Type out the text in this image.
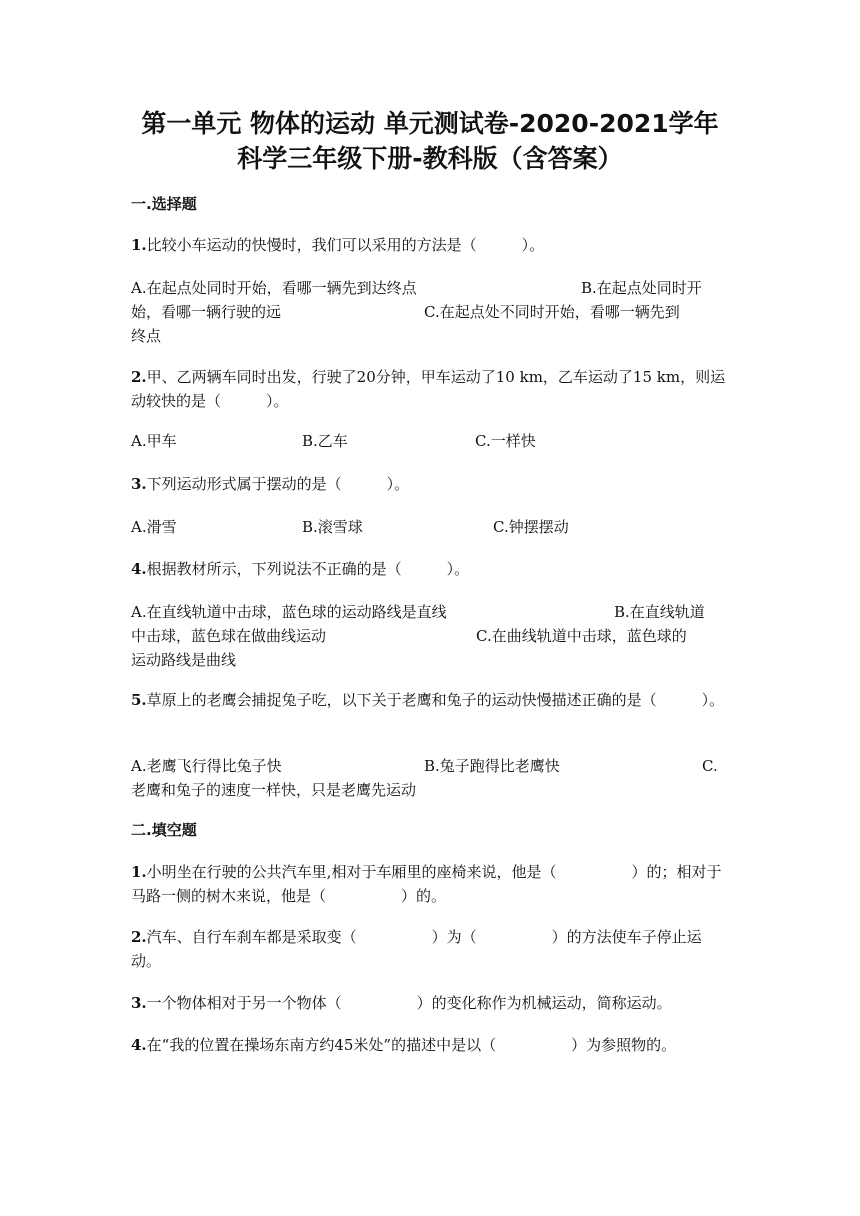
第一单元 物体的运动 单元测试卷-2020-2021学年
科学三年级下册-教科版（含答案）
一.选择题

1.比较小车运动的快慢时，我们可以采用的方法是（　　　）。

A.在起点处同时开始，看哪一辆先到达终点	B.在起点处同时开
始，看哪一辆行驶的远	C.在起点处不同时开始，看哪一辆先到
终点

2.甲、乙两辆车同时出发，行驶了20分钟，甲车运动了10 km，乙车运动了15 km，则运动较快的是（　　　）。

A.甲车	B.乙车	C.一样快

3.下列运动形式属于摆动的是（　　　）。

A.滑雪	B.滚雪球	C.钟摆摆动

4.根据教材所示，下列说法不正确的是（　　　）。

A.在直线轨道中击球，蓝色球的运动路线是直线	B.在直线轨道
中击球，蓝色球在做曲线运动	C.在曲线轨道中击球，蓝色球的
运动路线是曲线

5.草原上的老鹰会捕捉兔子吃，以下关于老鹰和兔子的运动快慢描述正确的是（　　　）。

A.老鹰飞行得比兔子快	B.兔子跑得比老鹰快	C.
老鹰和兔子的速度一样快，只是老鹰先运动
二.填空题

1.小明坐在行驶的公共汽车里,相对于车厢里的座椅来说，他是（　　　　　）的；相对于马路一侧的树木来说，他是（　　　　　）的。

2.汽车、自行车刹车都是采取变（　　　　　）为（　　　　　）的方法使车子停止运动。

3.一个物体相对于另一个物体（　　　　　）的变化称作为机械运动，简称运动。

4.在“我的位置在操场东南方约45米处”的描述中是以（　　　　　）为参照物的。
